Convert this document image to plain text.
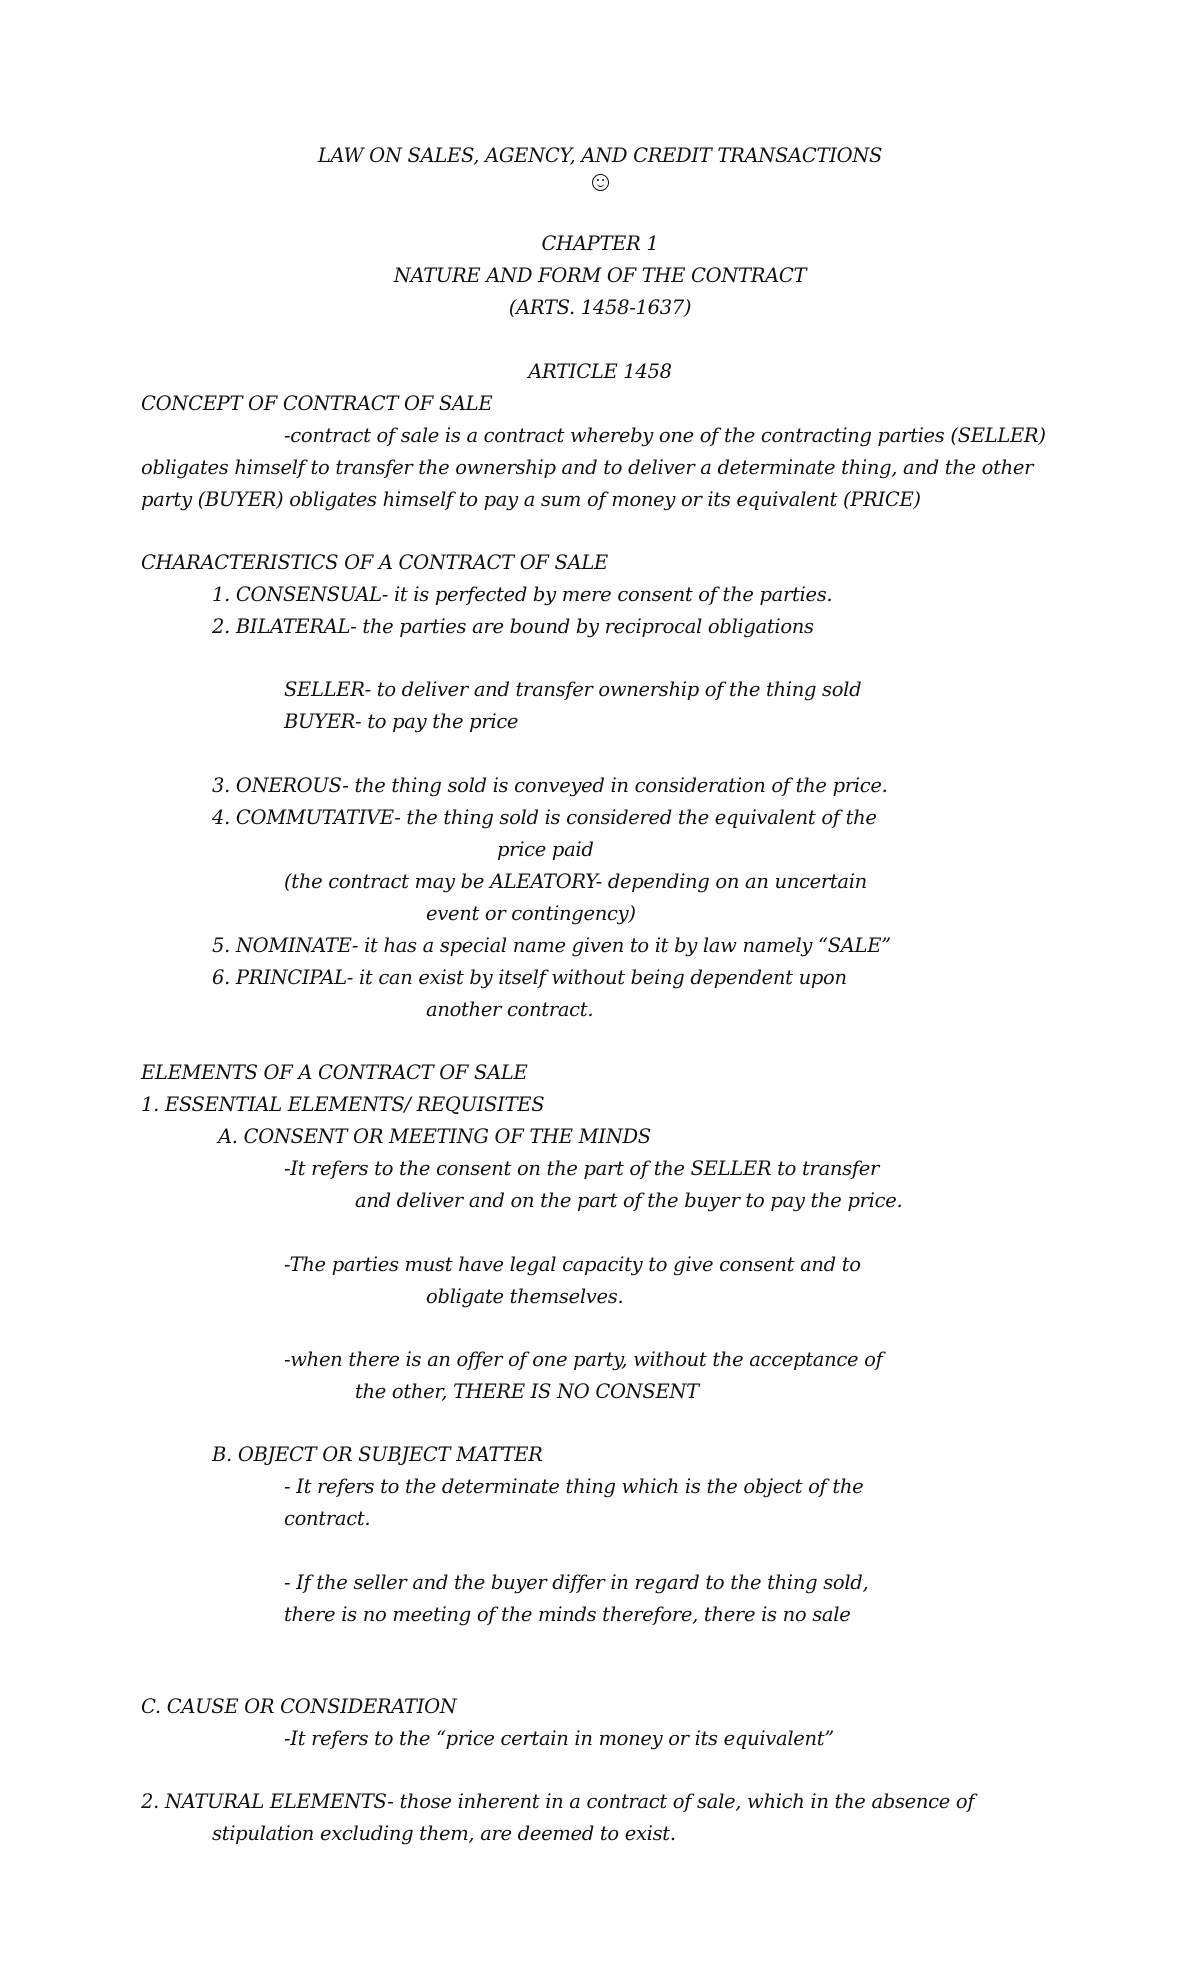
LAW ON SALES, AGENCY, AND CREDIT TRANSACTIONS
CHAPTER 1
NATURE AND FORM OF THE CONTRACT
(ARTS. 1458-1637)
ARTICLE 1458
CONCEPT OF CONTRACT OF SALE
-contract of sale is a contract whereby one of the contracting parties (SELLER)
obligates himself to transfer the ownership and to deliver a determinate thing, and the other
party (BUYER) obligates himself to pay a sum of money or its equivalent (PRICE)
CHARACTERISTICS OF A CONTRACT OF SALE
1. CONSENSUAL- it is perfected by mere consent of the parties.
2. BILATERAL- the parties are bound by reciprocal obligations
SELLER- to deliver and transfer ownership of the thing sold
BUYER- to pay the price
3. ONEROUS- the thing sold is conveyed in consideration of the price.
4. COMMUTATIVE- the thing sold is considered the equivalent of the
price paid
(the contract may be ALEATORY- depending on an uncertain
event or contingency)
5. NOMINATE- it has a special name given to it by law namely “SALE”
6. PRINCIPAL- it can exist by itself without being dependent upon
another contract.
ELEMENTS OF A CONTRACT OF SALE
1. ESSENTIAL ELEMENTS/ REQUISITES
A. CONSENT OR MEETING OF THE MINDS
-It refers to the consent on the part of the SELLER to transfer
and deliver and on the part of the buyer to pay the price.
-The parties must have legal capacity to give consent and to
obligate themselves.
-when there is an offer of one party, without the acceptance of
the other, THERE IS NO CONSENT
B. OBJECT OR SUBJECT MATTER
- It refers to the determinate thing which is the object of the
contract.
- If the seller and the buyer differ in regard to the thing sold,
there is no meeting of the minds therefore, there is no sale
C. CAUSE OR CONSIDERATION
-It refers to the “price certain in money or its equivalent”
2. NATURAL ELEMENTS- those inherent in a contract of sale, which in the absence of
stipulation excluding them, are deemed to exist.
